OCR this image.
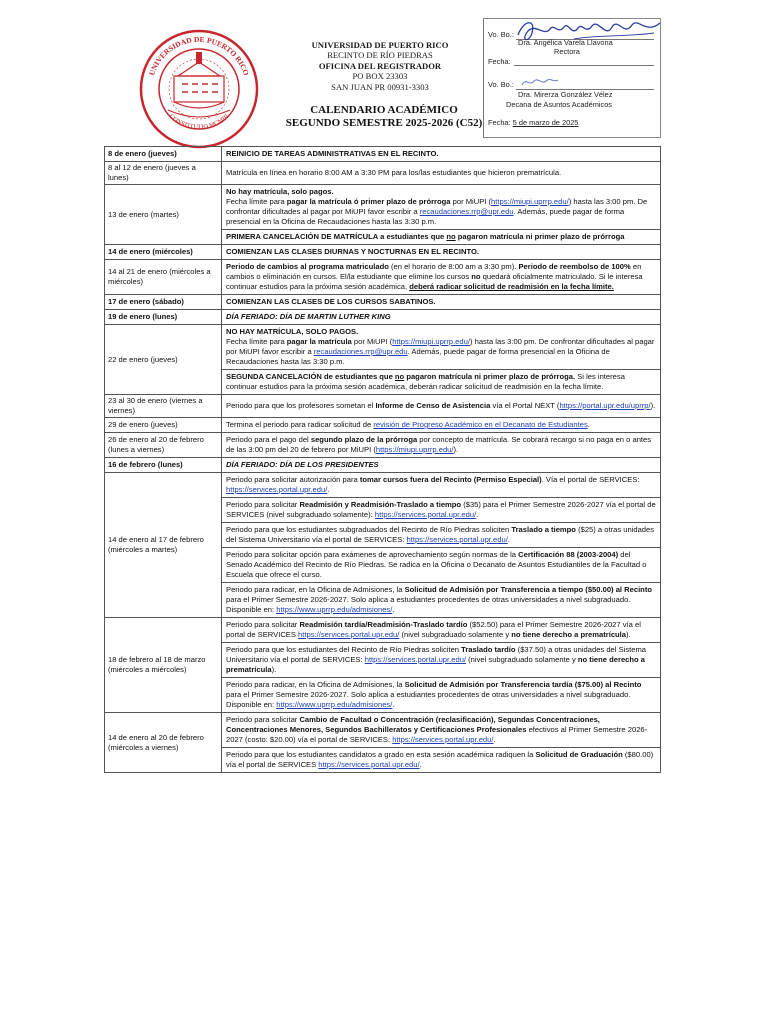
UNIVERSIDAD DE PUERTO RICO
CONSTITUTIO MCMIII
UNIVERSIDAD DE PUERTO RICO
RECINTO DE RÍO PIEDRAS
OFICINA DEL REGISTRADOR
PO BOX 23303
SAN JUAN PR 00931-3303
CALENDARIO ACADÉMICO
SEGUNDO SEMESTRE 2025-2026 (C52)
Vo. Bo.:
Dra. Angélica Varela Llavona
Rectora
Fecha:
Vo. Bo.:
Dra. Mirerza González Vélez
Decana de Asuntos Académicos
Fecha: 5 de marzo de 2025
8 de enero (jueves)	REINICIO DE TAREAS ADMINISTRATIVAS EN EL RECINTO.

8 al 12 de enero (jueves a lunes)	Matrícula en línea en horario 8:00 AM a 3:30 PM para los/las estudiantes que hicieron prematrícula.

13 de enero (martes)	No hay matrícula, solo pagos.
Fecha límite para pagar la matrícula ó primer plazo de prórroga por MiUPI (https://miupi.uprrp.edu/) hasta las 3:00 pm. De confrontar dificultades al pagar por MiUPI favor escribir a recaudaciones.rrp@upr.edu. Además, puede pagar de forma presencial en la Oficina de Recaudaciones hasta las 3:30 p.m.
PRIMERA CANCELACIÓN DE MATRÍCULA a estudiantes que no pagaron matrícula ni primer plazo de prórroga

14 de enero (miércoles)	COMIENZAN LAS CLASES DIURNAS Y NOCTURNAS EN EL RECINTO.

14 al 21 de enero (miércoles a miércoles)	Periodo de cambios al programa matriculado (en el horario de 8:00 am a 3:30 pm). Periodo de reembolso de 100% en cambios o eliminación en cursos. El/la estudiante que elimine los cursos no quedará oficialmente matriculado. Si le interesa continuar estudios para la próxima sesión académica, deberá radicar solicitud de readmisión en la fecha límite.

17 de enero (sábado)	COMIENZAN LAS CLASES DE LOS CURSOS SABATINOS.

19 de enero (lunes)	DÍA FERIADO: DÍA DE MARTIN LUTHER KING

22 de enero (jueves)	NO HAY MATRÍCULA, SOLO PAGOS.
Fecha límite para pagar la matrícula por MiUPI (https://miupi.uprrp.edu/) hasta las 3:00 pm. De confrontar dificultades al pagar por MiUPI favor escribir a recaudaciones.rrp@upr.edu. Además, puede pagar de forma presencial en la Oficina de Recaudaciones hasta las 3:30 p.m.
SEGUNDA CANCELACIÓN de estudiantes que no pagaron matrícula ni primer plazo de prórroga. Si les interesa continuar estudios para la próxima sesión académica, deberán radicar solicitud de readmisión en la fecha límite.

23 al 30 de enero (viernes a viernes)	Periodo para que los profesores sometan el Informe de Censo de Asistencia vía el Portal NEXT (https://portal.upr.edu/uprrp/).

29 de enero (jueves)	Termina el periodo para radicar solicitud de revisión de Progreso Académico en el Decanato de Estudiantes.

26 de enero al 20 de febrero (lunes a viernes)	Periodo para el pago del segundo plazo de la prórroga por concepto de matrícula. Se cobrará recargo si no paga en o antes de las 3:00 pm del 20 de febrero por MiUPI (https://miupi.uprrp.edu/).

16 de febrero (lunes)	DÍA FERIADO: DÍA DE LOS PRESIDENTES

14 de enero al 17 de febrero (miércoles a martes)	Periodo para solicitar autorización para tomar cursos fuera del Recinto (Permiso Especial). Vía el portal de SERVICES: https://services.portal.upr.edu/.
Periodo para solicitar Readmisión y Readmisión-Traslado a tiempo ($35) para el Primer Semestre 2026-2027 vía el portal de SERVICES (nivel subgraduado solamente): https://services.portal.upr.edu/.
Periodo para que los estudiantes subgraduados del Recinto de Río Piedras soliciten Traslado a tiempo ($25) a otras unidades del Sistema Universitario vía el portal de SERVICES: https://services.portal.upr.edu/.
Periodo para solicitar opción para exámenes de aprovechamiento según normas de la Certificación 88 (2003-2004) del Senado Académico del Recinto de Río Piedras. Se radica en la Oficina o Decanato de Asuntos Estudiantiles de la Facultad o Escuela que ofrece el curso.
Periodo para radicar, en la Oficina de Admisiones, la Solicitud de Admisión por Transferencia a tiempo ($50.00) al Recinto para el Primer Semestre 2026-2027. Solo aplica a estudiantes procedentes de otras universidades a nivel subgraduado. Disponible en: https://www.uprrp.edu/admisiones/.

18 de febrero al 18 de marzo (miércoles a miércoles)	Periodo para solicitar Readmisión tardía/Readmisión-Traslado tardío ($52.50) para el Primer Semestre 2026-2027 vía el portal de SERVICES https://services.portal.upr.edu/ (nivel subgraduado solamente y no tiene derecho a prematrícula).
Periodo para que los estudiantes del Recinto de Río Piedras soliciten Traslado tardío ($37.50) a otras unidades del Sistema Universitario vía el portal de SERVICES: https://services.portal.upr.edu/ (nivel subgraduado solamente y no tiene derecho a prematrícula).
Periodo para radicar, en la Oficina de Admisiones, la Solicitud de Admisión por Transferencia tardía ($75.00) al Recinto para el Primer Semestre 2026-2027. Solo aplica a estudiantes procedentes de otras universidades a nivel subgraduado. Disponible en: https://www.uprrp.edu/admisiones/.

14 de enero al 20 de febrero (miércoles a viernes)	Periodo para solicitar Cambio de Facultad o Concentración (reclasificación), Segundas Concentraciones, Concentraciones Menores, Segundos Bachilleratos y Certificaciones Profesionales efectivos al Primer Semestre 2026-2027 (costo: $20.00) vía el portal de SERVICES: https://services.portal.upr.edu/.
Periodo para que los estudiantes candidatos a grado en esta sesión académica radiquen la Solicitud de Graduación ($80.00) vía el portal de SERVICES https://services.portal.upr.edu/.
